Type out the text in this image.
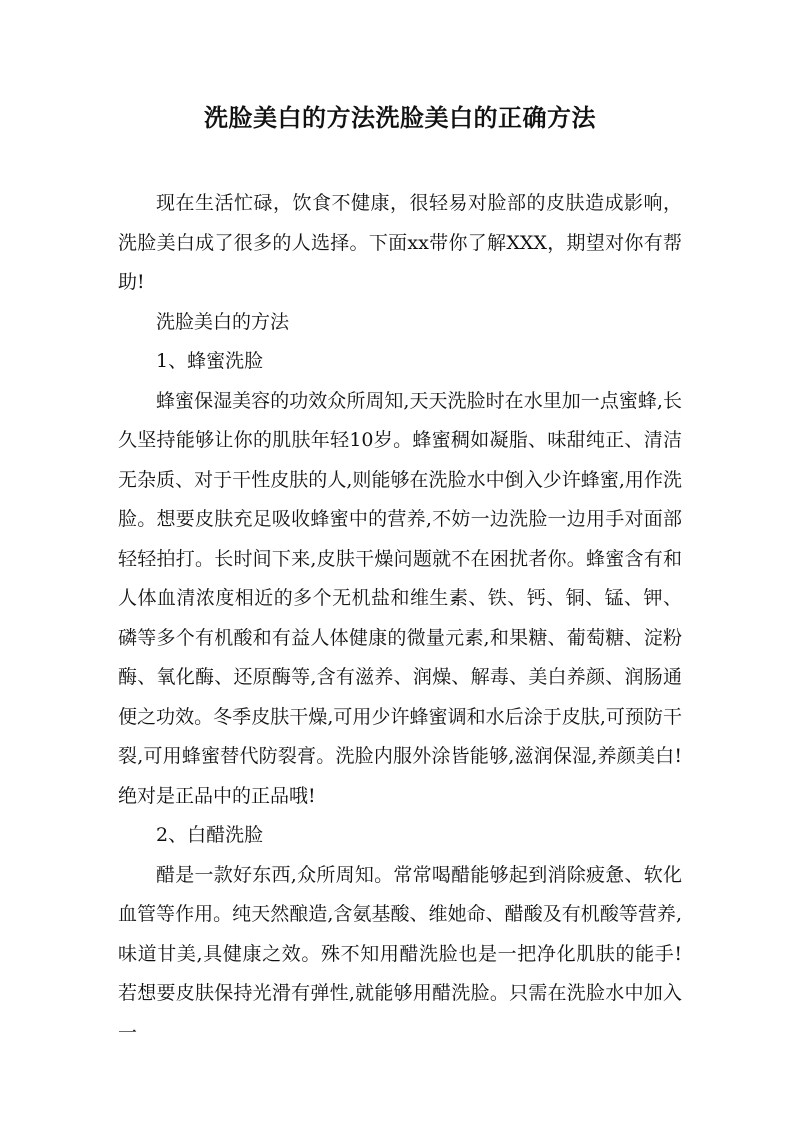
洗脸美白的方法洗脸美白的正确方法

现在生活忙碌，饮食不健康，很轻易对脸部的皮肤造成影响，洗脸美白成了很多的人选择。下面xx带你了解XXX，期望对你有帮助!

洗脸美白的方法

1、蜂蜜洗脸

蜂蜜保湿美容的功效众所周知,天天洗脸时在水里加一点蜜蜂,长久坚持能够让你的肌肤年轻10岁。蜂蜜稠如凝脂、味甜纯正、清洁无杂质、对于干性皮肤的人,则能够在洗脸水中倒入少许蜂蜜,用作洗脸。想要皮肤充足吸收蜂蜜中的营养,不妨一边洗脸一边用手对面部轻轻拍打。长时间下来,皮肤干燥问题就不在困扰者你。蜂蜜含有和人体血清浓度相近的多个无机盐和维生素、铁、钙、铜、锰、钾、磷等多个有机酸和有益人体健康的微量元素,和果糖、葡萄糖、淀粉酶、氧化酶、还原酶等,含有滋养、润燥、解毒、美白养颜、润肠通便之功效。冬季皮肤干燥,可用少许蜂蜜调和水后涂于皮肤,可预防干裂,可用蜂蜜替代防裂膏。洗脸内服外涂皆能够,滋润保湿,养颜美白!绝对是正品中的正品哦!

2、白醋洗脸

醋是一款好东西,众所周知。常常喝醋能够起到消除疲惫、软化血管等作用。纯天然酿造,含氨基酸、维她命、醋酸及有机酸等营养,味道甘美,具健康之效。殊不知用醋洗脸也是一把净化肌肤的能手!若想要皮肤保持光滑有弹性,就能够用醋洗脸。只需在洗脸水中加入一
